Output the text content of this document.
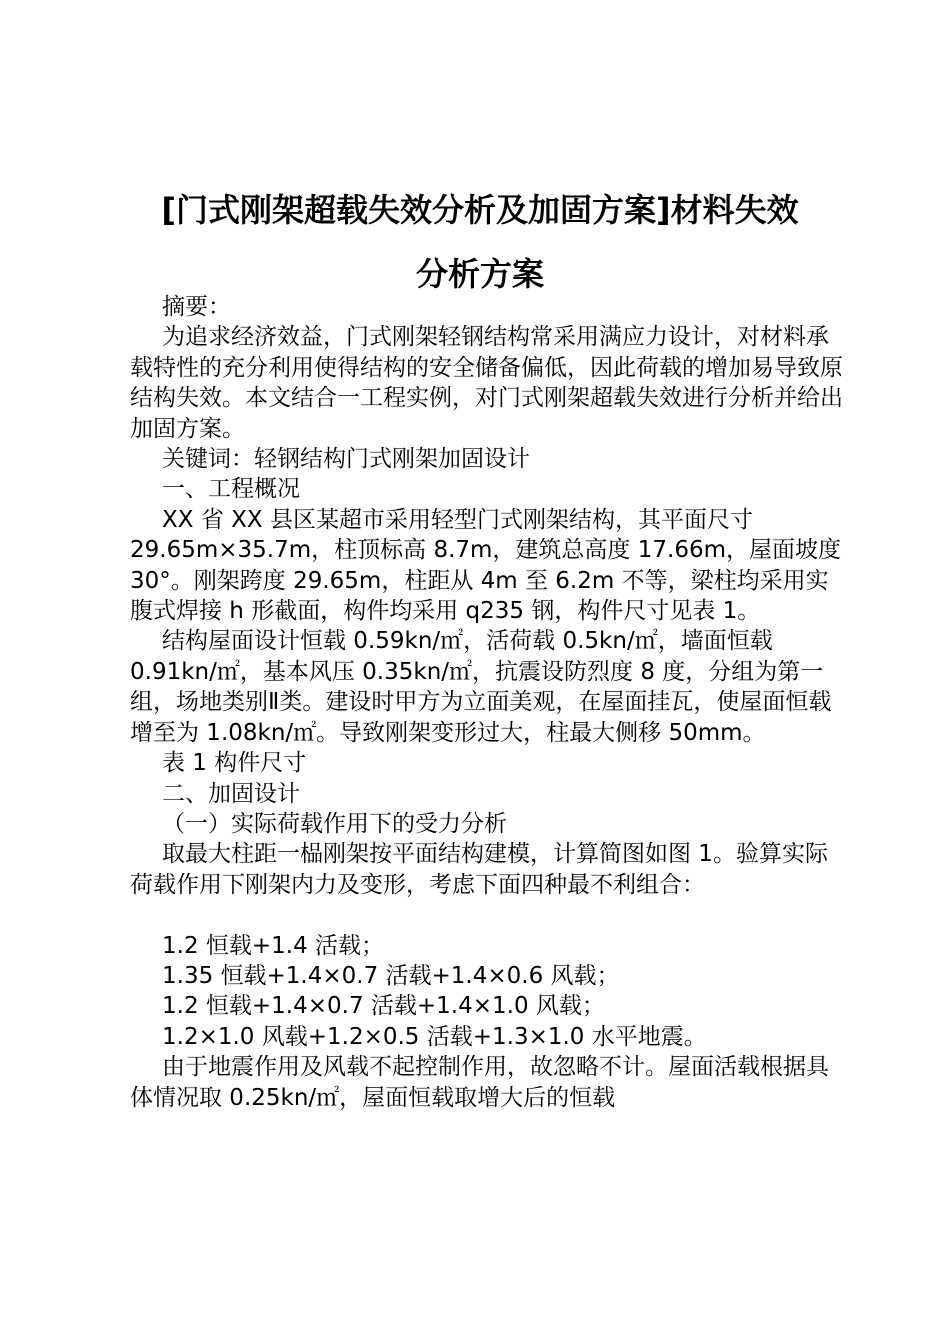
[门式刚架超载失效分析及加固方案]材料失效
分析方案

摘要：

为追求经济效益，门式刚架轻钢结构常采用满应力设计，对材料承载特性的充分利用使得结构的安全储备偏低，因此荷载的增加易导致原结构失效。本文结合一工程实例，对门式刚架超载失效进行分析并给出加固方案。

关键词：轻钢结构门式刚架加固设计

一、工程概况

XX 省 XX 县区某超市采用轻型门式刚架结构，其平面尺寸 29.65m×35.7m，柱顶标高 8.7m，建筑总高度 17.66m，屋面坡度 30°。刚架跨度 29.65m，柱距从 4m 至 6.2m 不等，梁柱均采用实腹式焊接 h 形截面，构件均采用 q235 钢，构件尺寸见表 1。

结构屋面设计恒载 0.59kn/㎡，活荷载 0.5kn/㎡，墙面恒载 0.91kn/㎡，基本风压 0.35kn/㎡，抗震设防烈度 8 度，分组为第一组，场地类别Ⅱ类。建设时甲方为立面美观，在屋面挂瓦，使屋面恒载增至为 1.08kn/㎡。导致刚架变形过大，柱最大侧移 50mm。

表 1 构件尺寸

二、加固设计

（一）实际荷载作用下的受力分析

取最大柱距一榀刚架按平面结构建模，计算简图如图 1。验算实际荷载作用下刚架内力及变形，考虑下面四种最不利组合：

1.2 恒载+1.4 活载；

1.35 恒载+1.4×0.7 活载+1.4×0.6 风载；

1.2 恒载+1.4×0.7 活载+1.4×1.0 风载；

1.2×1.0 风载+1.2×0.5 活载+1.3×1.0 水平地震。

由于地震作用及风载不起控制作用，故忽略不计。屋面活载根据具体情况取 0.25kn/㎡，屋面恒载取增大后的恒载
